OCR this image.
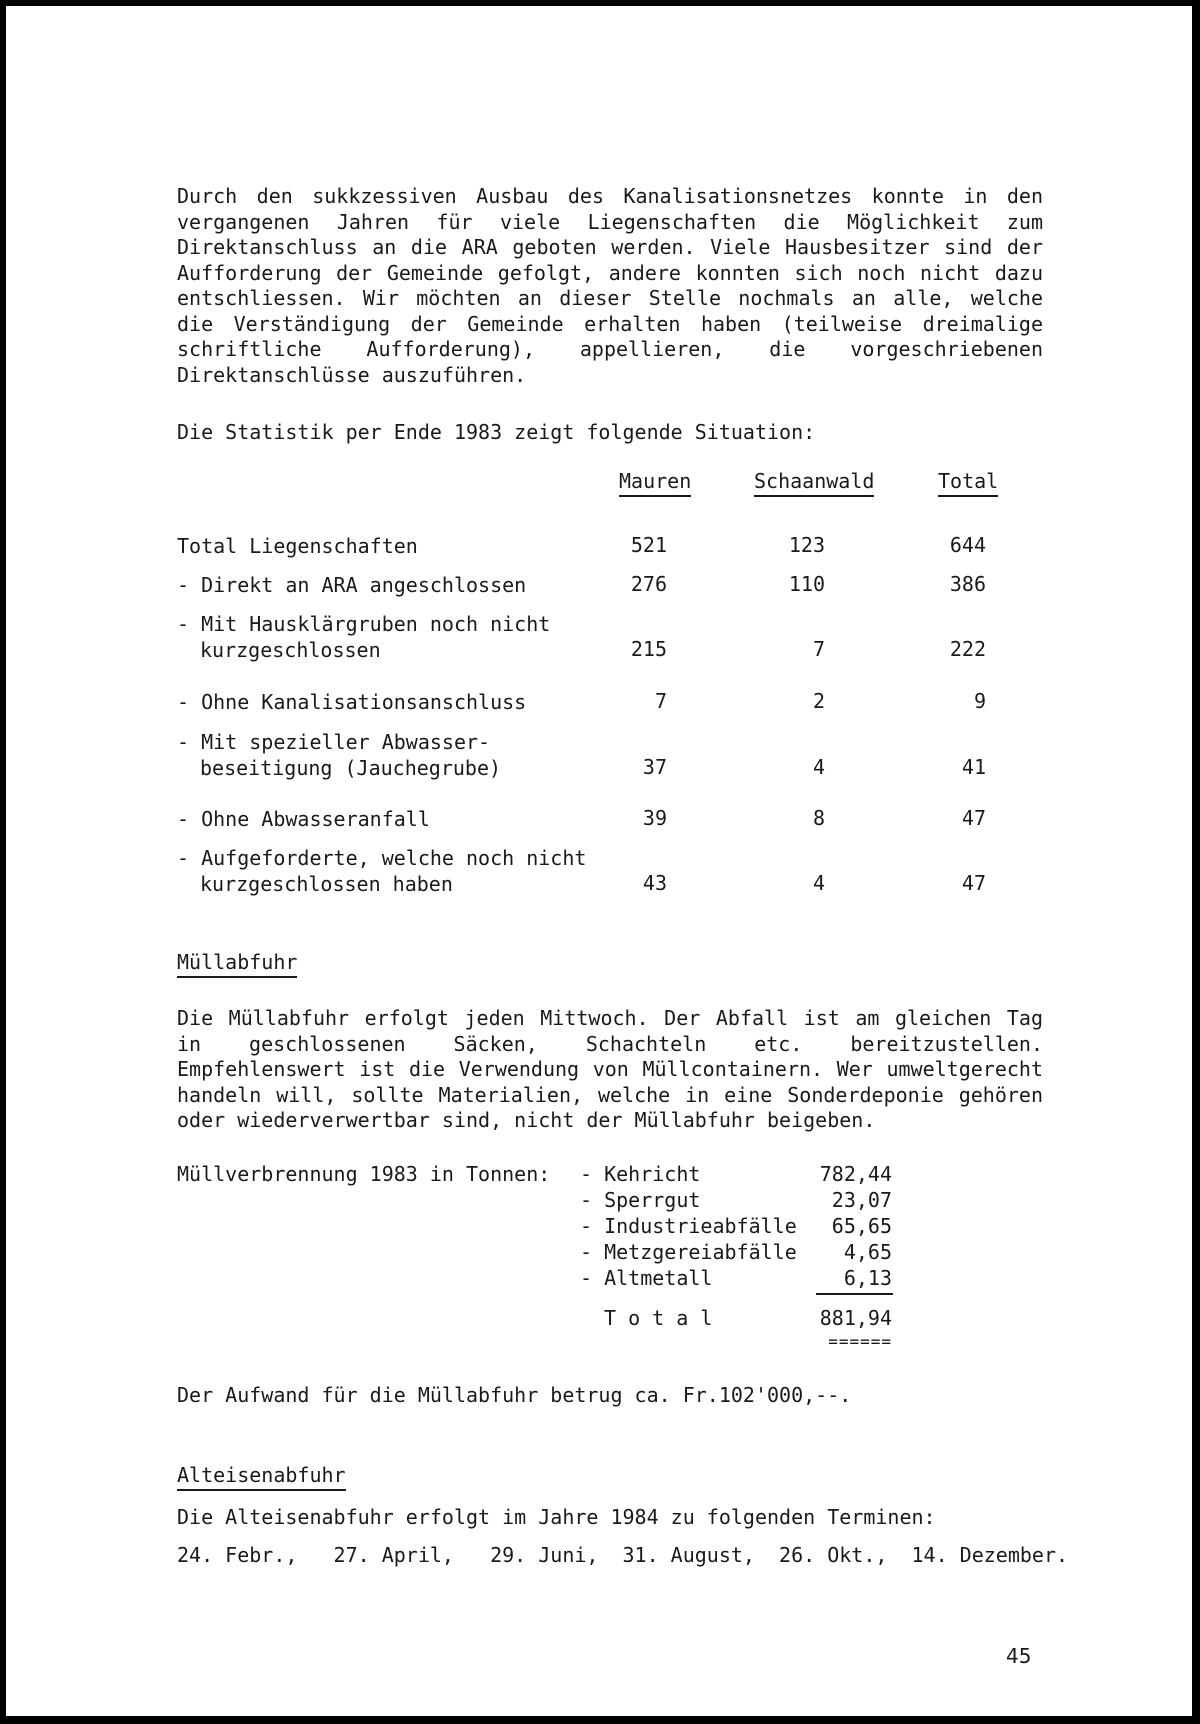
Durch den sukkzessiven Ausbau des Kanalisationsnetzes konnte in den vergangenen Jahren für viele Liegenschaften die Möglichkeit zum Direktanschluss an die ARA geboten werden. Viele Hausbesitzer sind der Aufforderung der Gemeinde gefolgt, andere konnten sich noch nicht dazu entschliessen. Wir möchten an dieser Stelle nochmals an alle, welche die Verständigung der Gemeinde erhalten haben (teilweise dreimalige schriftliche Aufforderung), appellieren, die vorgeschriebenen Direktanschlüsse auszuführen.
Die Statistik per Ende 1983 zeigt folgende Situation:
Mauren	Schaanwald	Total
Total Liegenschaften	521	123	644
- Direkt an ARA angeschlossen	276	110	386
- Mit Hausklärgruben noch nicht
kurzgeschlossen	215	7	222
- Ohne Kanalisationsanschluss	7	2	9
- Mit spezieller Abwasser-
beseitigung (Jauchegrube)	37	4	41
- Ohne Abwasseranfall	39	8	47
- Aufgeforderte, welche noch nicht
kurzgeschlossen haben	43	4	47
Müllabfuhr
Die Müllabfuhr erfolgt jeden Mittwoch. Der Abfall ist am gleichen Tag in geschlossenen Säcken, Schachteln etc. bereitzustellen. Empfehlenswert ist die Verwendung von Müllcontainern. Wer umweltgerecht handeln will, sollte Materialien, welche in eine Sonderdeponie gehören oder wiederverwertbar sind, nicht der Müllabfuhr beigeben.
Müllverbrennung 1983 in Tonnen: - Kehricht	782,44
- Sperrgut	23,07
- Industrieabfälle	65,65
- Metzgereiabfälle	4,65
- Altmetall	6,13
T o t a l	881,94
======
Der Aufwand für die Müllabfuhr betrug ca. Fr.102'000,--.
Alteisenabfuhr
Die Alteisenabfuhr erfolgt im Jahre 1984 zu folgenden Terminen:
24. Febr.,   27. April,   29. Juni,  31. August,  26. Okt.,  14. Dezember.
45
